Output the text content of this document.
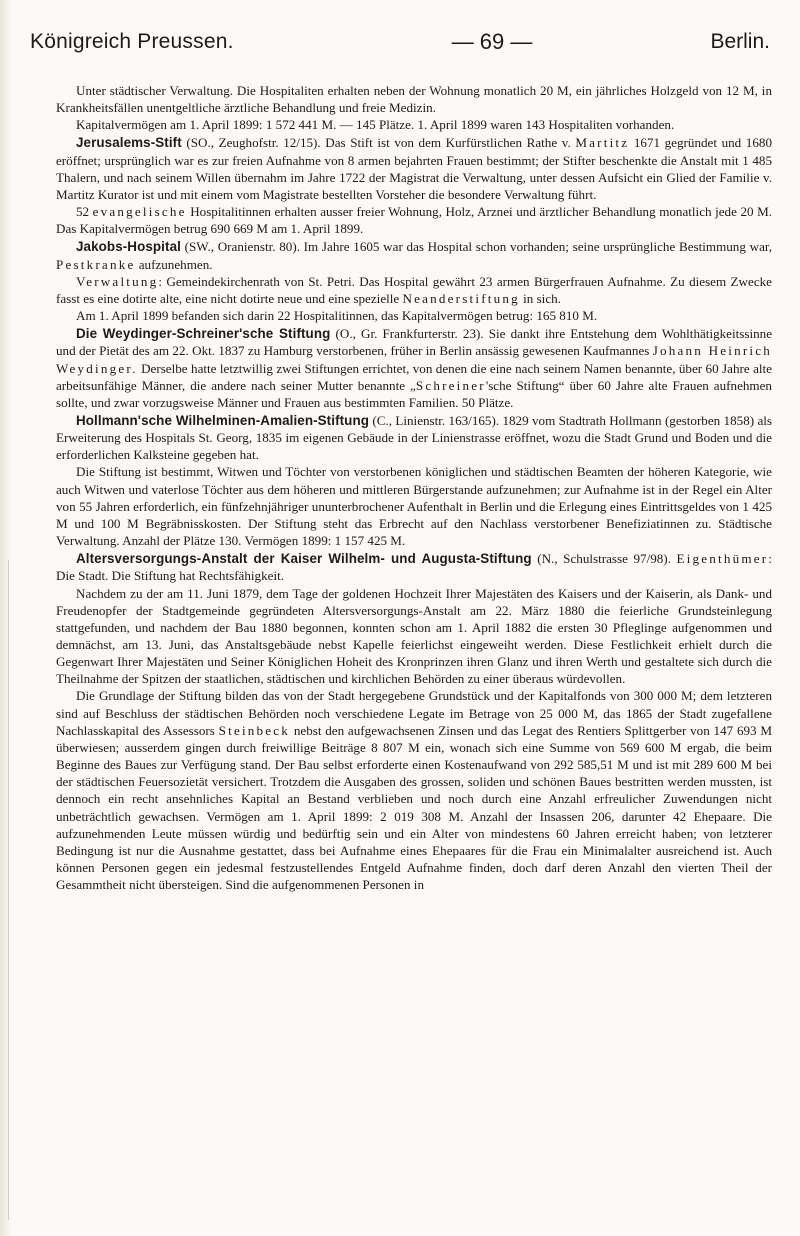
Königreich Preussen.	— 69 —	Berlin.

Unter städtischer Verwaltung. Die Hospitaliten erhalten neben der Wohnung monatlich 20 M, ein jährliches Holzgeld von 12 M, in Krankheitsfällen unentgeltliche ärztliche Behandlung und freie Medizin.

Kapitalvermögen am 1. April 1899: 1 572 441 M. — 145 Plätze. 1. April 1899 waren 143 Hospitaliten vorhanden.

Jerusalems-Stift (SO., Zeughofstr. 12/15). Das Stift ist von dem Kurfürstlichen Rathe v. Martitz 1671 gegründet und 1680 eröffnet; ursprünglich war es zur freien Aufnahme von 8 armen bejahrten Frauen bestimmt; der Stifter beschenkte die Anstalt mit 1 485 Thalern, und nach seinem Willen übernahm im Jahre 1722 der Magistrat die Verwaltung, unter dessen Aufsicht ein Glied der Familie v. Martitz Kurator ist und mit einem vom Magistrate bestellten Vorsteher die besondere Verwaltung führt.

52 evangelische Hospitalitinnen erhalten ausser freier Wohnung, Holz, Arznei und ärztlicher Behandlung monatlich jede 20 M. Das Kapitalvermögen betrug 690 669 M am 1. April 1899.

Jakobs-Hospital (SW., Oranienstr. 80). Im Jahre 1605 war das Hospital schon vorhanden; seine ursprüngliche Bestimmung war, Pestkranke aufzunehmen.

Verwaltung: Gemeindekirchenrath von St. Petri. Das Hospital gewährt 23 armen Bürgerfrauen Aufnahme. Zu diesem Zwecke fasst es eine dotirte alte, eine nicht dotirte neue und eine spezielle Neanderstiftung in sich.

Am 1. April 1899 befanden sich darin 22 Hospitalitinnen, das Kapitalvermögen betrug: 165 810 M.

Die Weydinger-Schreiner'sche Stiftung (O., Gr. Frankfurterstr. 23). Sie dankt ihre Entstehung dem Wohlthätigkeitssinne und der Pietät des am 22. Okt. 1837 zu Hamburg verstorbenen, früher in Berlin ansässig gewesenen Kaufmannes Johann Heinrich Weydinger. Derselbe hatte letztwillig zwei Stiftungen errichtet, von denen die eine nach seinem Namen benannte, über 60 Jahre alte arbeitsunfähige Männer, die andere nach seiner Mutter benannte „Schreiner'sche Stiftung“ über 60 Jahre alte Frauen aufnehmen sollte, und zwar vorzugsweise Männer und Frauen aus bestimmten Familien. 50 Plätze.

Hollmann'sche Wilhelminen-Amalien-Stiftung (C., Linienstr. 163/165). 1829 vom Stadtrath Hollmann (gestorben 1858) als Erweiterung des Hospitals St. Georg, 1835 im eigenen Gebäude in der Linienstrasse eröffnet, wozu die Stadt Grund und Boden und die erforderlichen Kalksteine gegeben hat.

Die Stiftung ist bestimmt, Witwen und Töchter von verstorbenen königlichen und städtischen Beamten der höheren Kategorie, wie auch Witwen und vaterlose Töchter aus dem höheren und mittleren Bürgerstande aufzunehmen; zur Aufnahme ist in der Regel ein Alter von 55 Jahren erforderlich, ein fünfzehnjähriger ununterbrochener Aufenthalt in Berlin und die Erlegung eines Eintrittsgeldes von 1 425 M und 100 M Begräbnisskosten. Der Stiftung steht das Erbrecht auf den Nachlass verstorbener Benefiziatinnen zu. Städtische Verwaltung. Anzahl der Plätze 130. Vermögen 1899: 1 157 425 M.

Altersversorgungs-Anstalt der Kaiser Wilhelm- und Augusta-Stiftung (N., Schulstrasse 97/98). Eigenthümer: Die Stadt. Die Stiftung hat Rechtsfähigkeit.

Nachdem zu der am 11. Juni 1879, dem Tage der goldenen Hochzeit Ihrer Majestäten des Kaisers und der Kaiserin, als Dank- und Freudenopfer der Stadtgemeinde gegründeten Altersversorgungs-Anstalt am 22. März 1880 die feierliche Grundsteinlegung stattgefunden, und nachdem der Bau 1880 begonnen, konnten schon am 1. April 1882 die ersten 30 Pfleglinge aufgenommen und demnächst, am 13. Juni, das Anstaltsgebäude nebst Kapelle feierlichst eingeweiht werden. Diese Festlichkeit erhielt durch die Gegenwart Ihrer Majestäten und Seiner Königlichen Hoheit des Kronprinzen ihren Glanz und ihren Werth und gestaltete sich durch die Theilnahme der Spitzen der staatlichen, städtischen und kirchlichen Behörden zu einer überaus würdevollen.

Die Grundlage der Stiftung bilden das von der Stadt hergegebene Grundstück und der Kapitalfonds von 300 000 M; dem letzteren sind auf Beschluss der städtischen Behörden noch verschiedene Legate im Betrage von 25 000 M, das 1865 der Stadt zugefallene Nachlasskapital des Assessors Steinbeck nebst den aufgewachsenen Zinsen und das Legat des Rentiers Splittgerber von 147 693 M überwiesen; ausserdem gingen durch freiwillige Beiträge 8 807 M ein, wonach sich eine Summe von 569 600 M ergab, die beim Beginne des Baues zur Verfügung stand. Der Bau selbst erforderte einen Kostenaufwand von 292 585,51 M und ist mit 289 600 M bei der städtischen Feuersozietät versichert. Trotzdem die Ausgaben des grossen, soliden und schönen Baues bestritten werden mussten, ist dennoch ein recht ansehnliches Kapital an Bestand verblieben und noch durch eine Anzahl erfreulicher Zuwendungen nicht unbeträchtlich gewachsen. Vermögen am 1. April 1899: 2 019 308 M. Anzahl der Insassen 206, darunter 42 Ehepaare. Die aufzunehmenden Leute müssen würdig und bedürftig sein und ein Alter von mindestens 60 Jahren erreicht haben; von letzterer Bedingung ist nur die Ausnahme gestattet, dass bei Aufnahme eines Ehepaares für die Frau ein Minimalalter ausreichend ist. Auch können Personen gegen ein jedesmal festzustellendes Entgeld Aufnahme finden, doch darf deren Anzahl den vierten Theil der Gesammtheit nicht übersteigen. Sind die aufgenommenen Personen in
